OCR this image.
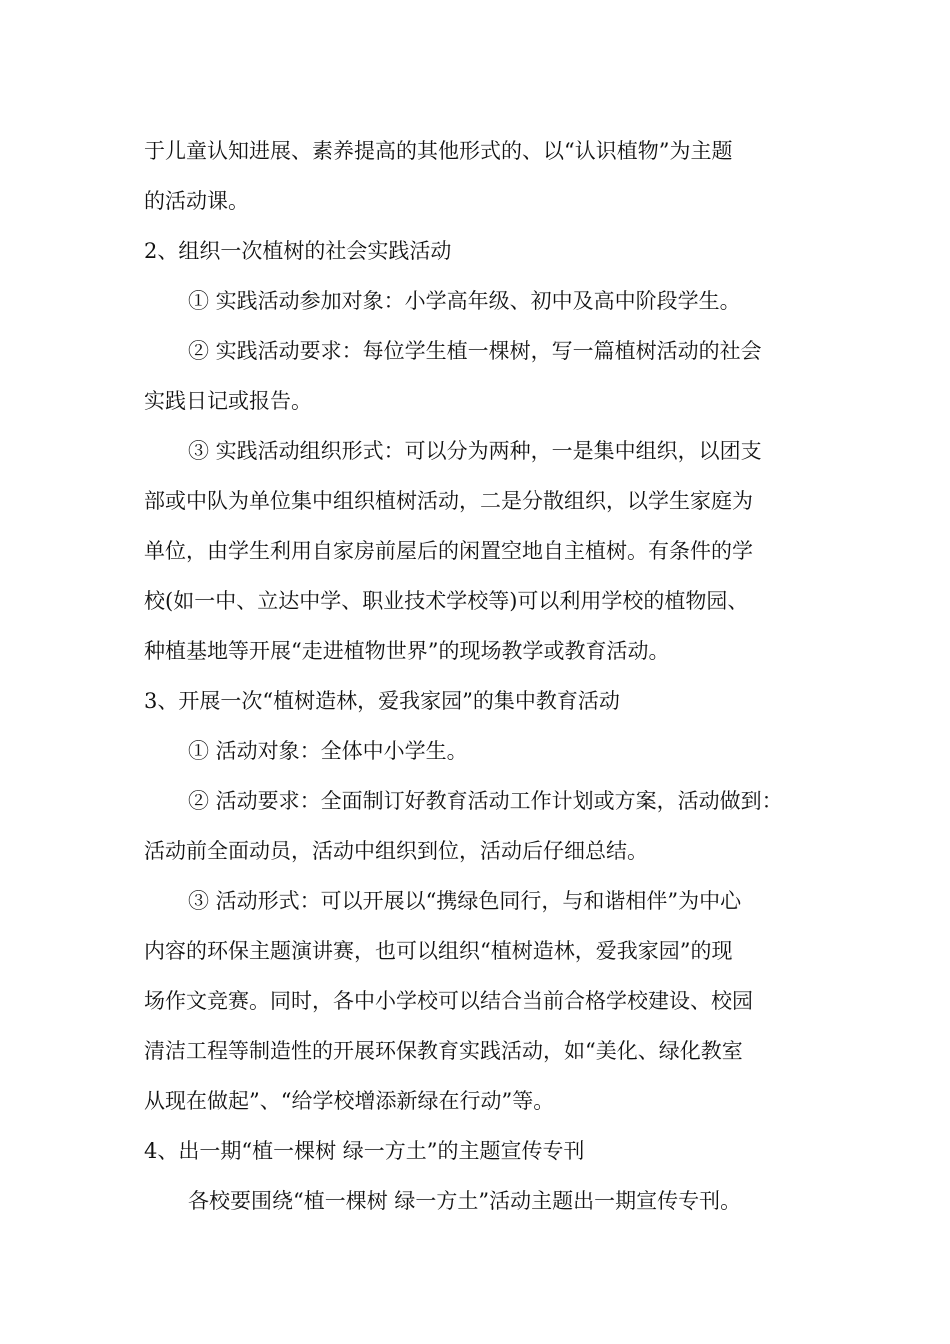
于儿童认知进展、素养提高的其他形式的、以“认识植物”为主题
的活动课。
2、组织一次植树的社会实践活动
① 实践活动参加对象：小学高年级、初中及高中阶段学生。
② 实践活动要求：每位学生植一棵树，写一篇植树活动的社会
实践日记或报告。
③ 实践活动组织形式：可以分为两种，一是集中组织，以团支
部或中队为单位集中组织植树活动，二是分散组织，以学生家庭为
单位，由学生利用自家房前屋后的闲置空地自主植树。有条件的学
校(如一中、立达中学、职业技术学校等)可以利用学校的植物园、
种植基地等开展“走进植物世界”的现场教学或教育活动。
3、开展一次“植树造林，爱我家园”的集中教育活动
① 活动对象：全体中小学生。
② 活动要求：全面制订好教育活动工作计划或方案，活动做到：
活动前全面动员，活动中组织到位，活动后仔细总结。
③ 活动形式：可以开展以“携绿色同行，与和谐相伴”为中心
内容的环保主题演讲赛，也可以组织“植树造林，爱我家园”的现
场作文竞赛。同时，各中小学校可以结合当前合格学校建设、校园
清洁工程等制造性的开展环保教育实践活动，如“美化、绿化教室
从现在做起”、“给学校增添新绿在行动”等。
4、出一期“植一棵树 绿一方土”的主题宣传专刊
各校要围绕“植一棵树 绿一方土”活动主题出一期宣传专刊。
